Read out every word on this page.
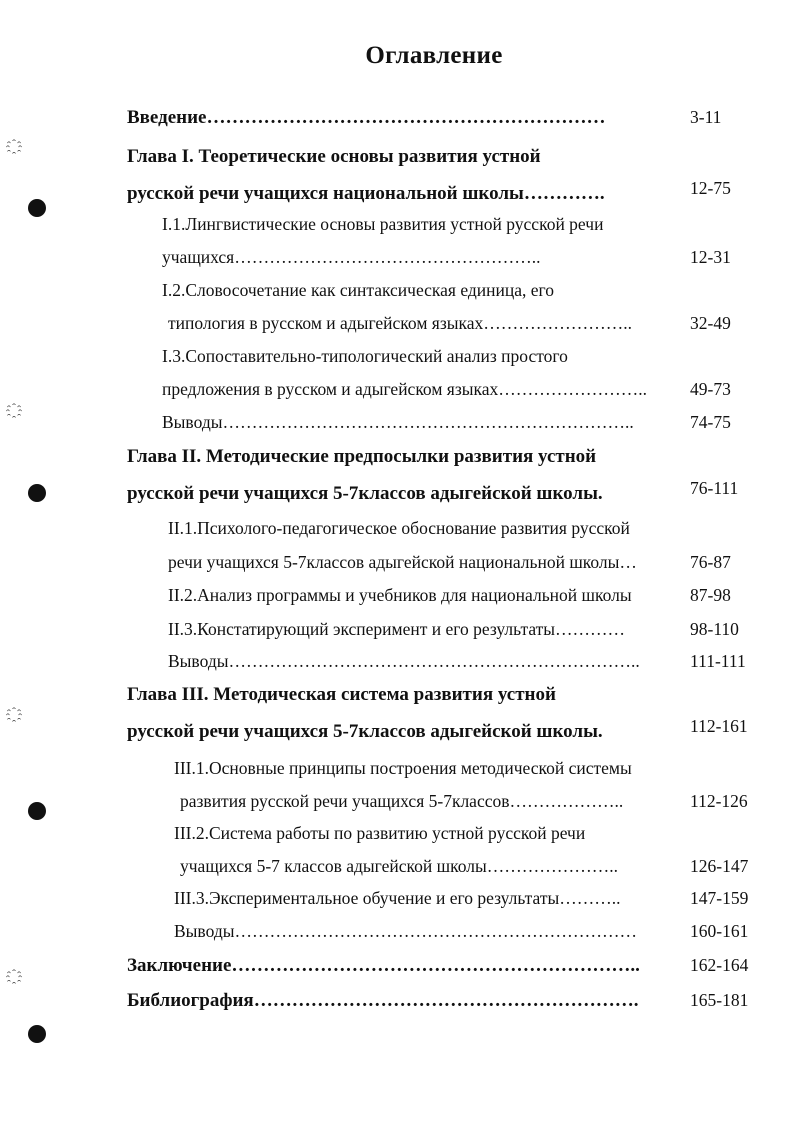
Оглавление
Введение………………………………………………………	3-11
Глава I. Теоретические основы развития устной
русской речи учащихся национальной школы………….	12-75
I.1.Лингвистические основы развития устной русской речи
учащихся……………………………………………..	12-31
I.2.Словосочетание как синтаксическая единица, его
типология в русском и адыгейском языках……………………..	32-49
I.3.Сопоставительно-типологический анализ простого
предложения в русском и адыгейском языках…………………….. 49-73
Выводы……………………………………………………………..	74-75
Глава II. Методические предпосылки развития устной
русской речи учащихся 5-7классов адыгейской школы.	76-111
II.1.Психолого-педагогическое обоснование развития русской
речи учащихся 5-7классов адыгейской национальной школы…	76-87
II.2.Анализ программы и учебников для национальной школы	87-98
II.3.Констатирующий эксперимент и его результаты…………	98-110
Выводы……………………………………………………………..	111-111
Глава III. Методическая система развития устной
русской речи учащихся 5-7классов адыгейской школы.	112-161
III.1.Основные принципы построения методической системы
развития русской речи учащихся 5-7классов………………..	112-126
III.2.Система работы по развитию устной русской речи
учащихся 5-7 классов адыгейской школы…………………..	126-147
III.3.Экспериментальное обучение и его результаты………..	147-159
Выводы……………………………………………………………	160-161
Заключение………………………………………………………..	162-164
Библиография…………………………………………………….	165-181
